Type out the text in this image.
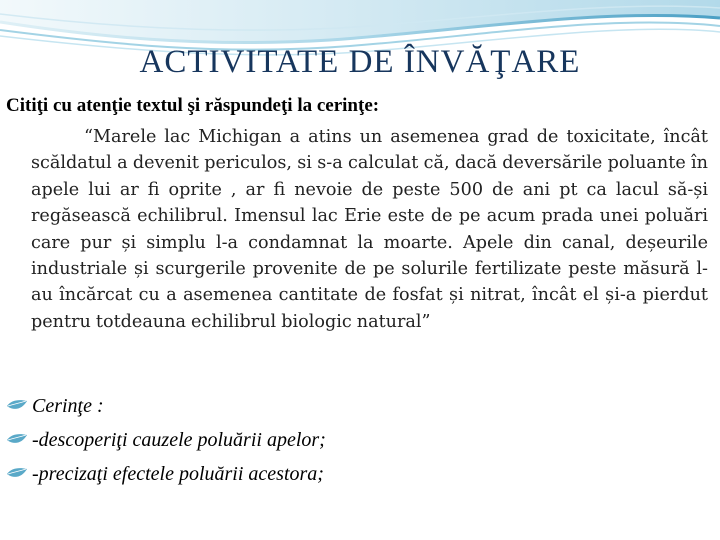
ACTIVITATE DE ÎNVĂŢARE

Citiţi cu atenţie textul şi răspundeţi la cerinţe:

“Marele lac Michigan a atins un asemenea grad de toxicitate, încât scăldatul a devenit periculos, si s-a calculat că, dacă deversările poluante în apele lui ar fi oprite , ar fi nevoie de peste 500 de ani pt ca lacul să-și regăsească echilibrul. Imensul lac Erie este de pe acum prada unei poluări care pur și simplu l-a condamnat la moarte. Apele din canal, deșeurile industriale și scurgerile provenite de pe solurile fertilizate peste măsură l-au încărcat cu a asemenea cantitate de fosfat și nitrat, încât el și-a pierdut pentru totdeauna echilibrul biologic natural”

Cerinţe :
-descoperiţi cauzele poluării apelor;
-precizaţi efectele poluării acestora;
